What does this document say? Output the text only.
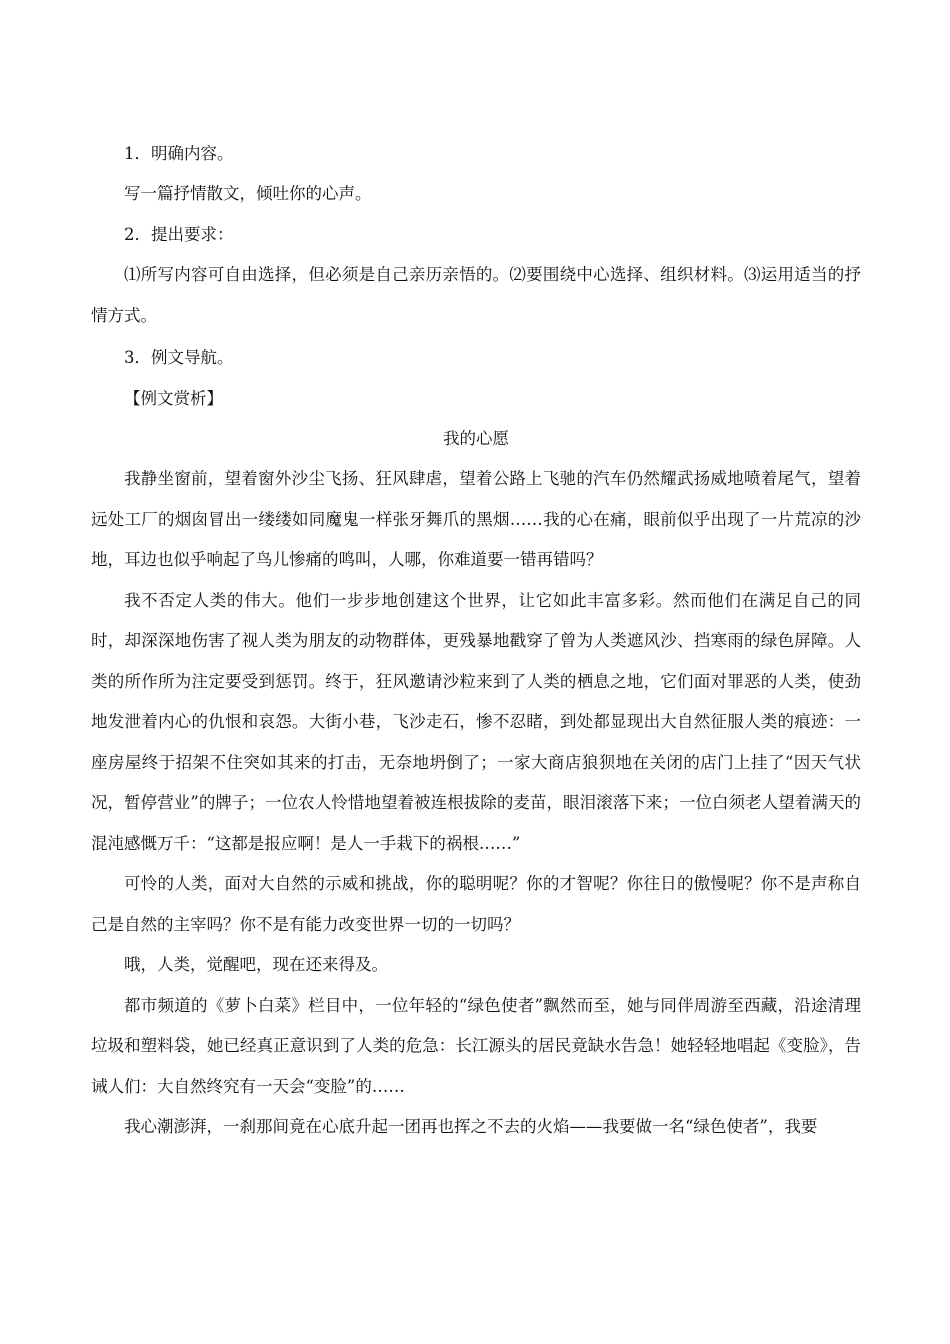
1．明确内容。

写一篇抒情散文，倾吐你的心声。

2．提出要求：

⑴所写内容可自由选择，但必须是自己亲历亲悟的。⑵要围绕中心选择、组织材料。⑶运用适当的抒情方式。

3．例文导航。

【例文赏析】

我的心愿

我静坐窗前，望着窗外沙尘飞扬、狂风肆虐，望着公路上飞驰的汽车仍然耀武扬威地喷着尾气，望着远处工厂的烟囱冒出一缕缕如同魔鬼一样张牙舞爪的黑烟……我的心在痛，眼前似乎出现了一片荒凉的沙地，耳边也似乎响起了鸟儿惨痛的鸣叫，人哪，你难道要一错再错吗？

我不否定人类的伟大。他们一步步地创建这个世界，让它如此丰富多彩。然而他们在满足自己的同时，却深深地伤害了视人类为朋友的动物群体，更残暴地戳穿了曾为人类遮风沙、挡寒雨的绿色屏障。人类的所作所为注定要受到惩罚。终于，狂风邀请沙粒来到了人类的栖息之地，它们面对罪恶的人类，使劲地发泄着内心的仇恨和哀怨。大街小巷，飞沙走石，惨不忍睹，到处都显现出大自然征服人类的痕迹：一座房屋终于招架不住突如其来的打击，无奈地坍倒了；一家大商店狼狈地在关闭的店门上挂了“因天气状况，暂停营业”的牌子；一位农人怜惜地望着被连根拔除的麦苗，眼泪滚落下来；一位白须老人望着满天的混沌感慨万千：“这都是报应啊！是人一手栽下的祸根……”

可怜的人类，面对大自然的示威和挑战，你的聪明呢？你的才智呢？你往日的傲慢呢？你不是声称自己是自然的主宰吗？你不是有能力改变世界一切的一切吗？

哦，人类，觉醒吧，现在还来得及。

都市频道的《萝卜白菜》栏目中，一位年轻的“绿色使者”飘然而至，她与同伴周游至西藏，沿途清理垃圾和塑料袋，她已经真正意识到了人类的危急：长江源头的居民竟缺水告急！她轻轻地唱起《变脸》，告诫人们：大自然终究有一天会“变脸”的……

我心潮澎湃，一刹那间竟在心底升起一团再也挥之不去的火焰——我要做一名“绿色使者”，我要
